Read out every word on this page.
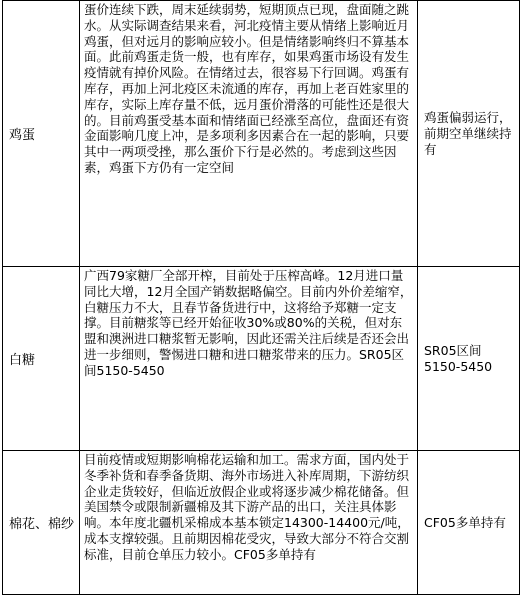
鸡蛋	蛋价连续下跌，周末延续弱势，短期顶点已现，盘面随之跳水。从实际调查结果来看，河北疫情主要从情绪上影响近月鸡蛋，但对远月的影响应较小。但是情绪影响终归不算基本面。此前鸡蛋走货一般，也有库存，如果鸡蛋市场设有发生疫情就有掉价风险。在情绪过去，很容易下行回调。鸡蛋有库存，再加上河北疫区未流通的库存，再加上老百姓家里的库存，实际上库存量不低，远月蛋价滑落的可能性还是很大的。目前鸡蛋受基本面和情绪面已经涨至高位，盘面还有资金面影响几度上冲，是多项利多因素合在一起的影响，只要其中一两项受挫，那么蛋价下行是必然的。考虑到这些因素，鸡蛋下方仍有一定空间	鸡蛋偏弱运行，前期空单继续持有
白糖	广西79家糖厂全部开榨，目前处于压榨高峰。12月进口量同比大增，12月全国产销数据略偏空。目前内外价差缩窄，白糖压力不大，且春节备货进行中，这将给予郑糖一定支撑。目前糖浆等已经开始征收30%或80%的关税，但对东盟和澳洲进口糖浆暂无影响，因此还需关注后续是否还会出进一步细则，警惕进口糖和进口糖浆带来的压力。SR05区间5150-5450	SR05区间5150-5450
棉花、棉纱	目前疫情或短期影响棉花运输和加工。需求方面，国内处于冬季补货和春季备货期、海外市场进入补库周期，下游纺织企业走货较好，但临近放假企业或将逐步减少棉花储备。但美国禁令或限制新疆棉及其下游产品的出口，关注具体影响。本年度北疆机采棉成本基本锁定14300-14400元/吨，成本支撑较强。且前期因棉花受灾，导致大部分不符合交割标准，目前仓单压力较小。CF05多单持有	CF05多单持有
